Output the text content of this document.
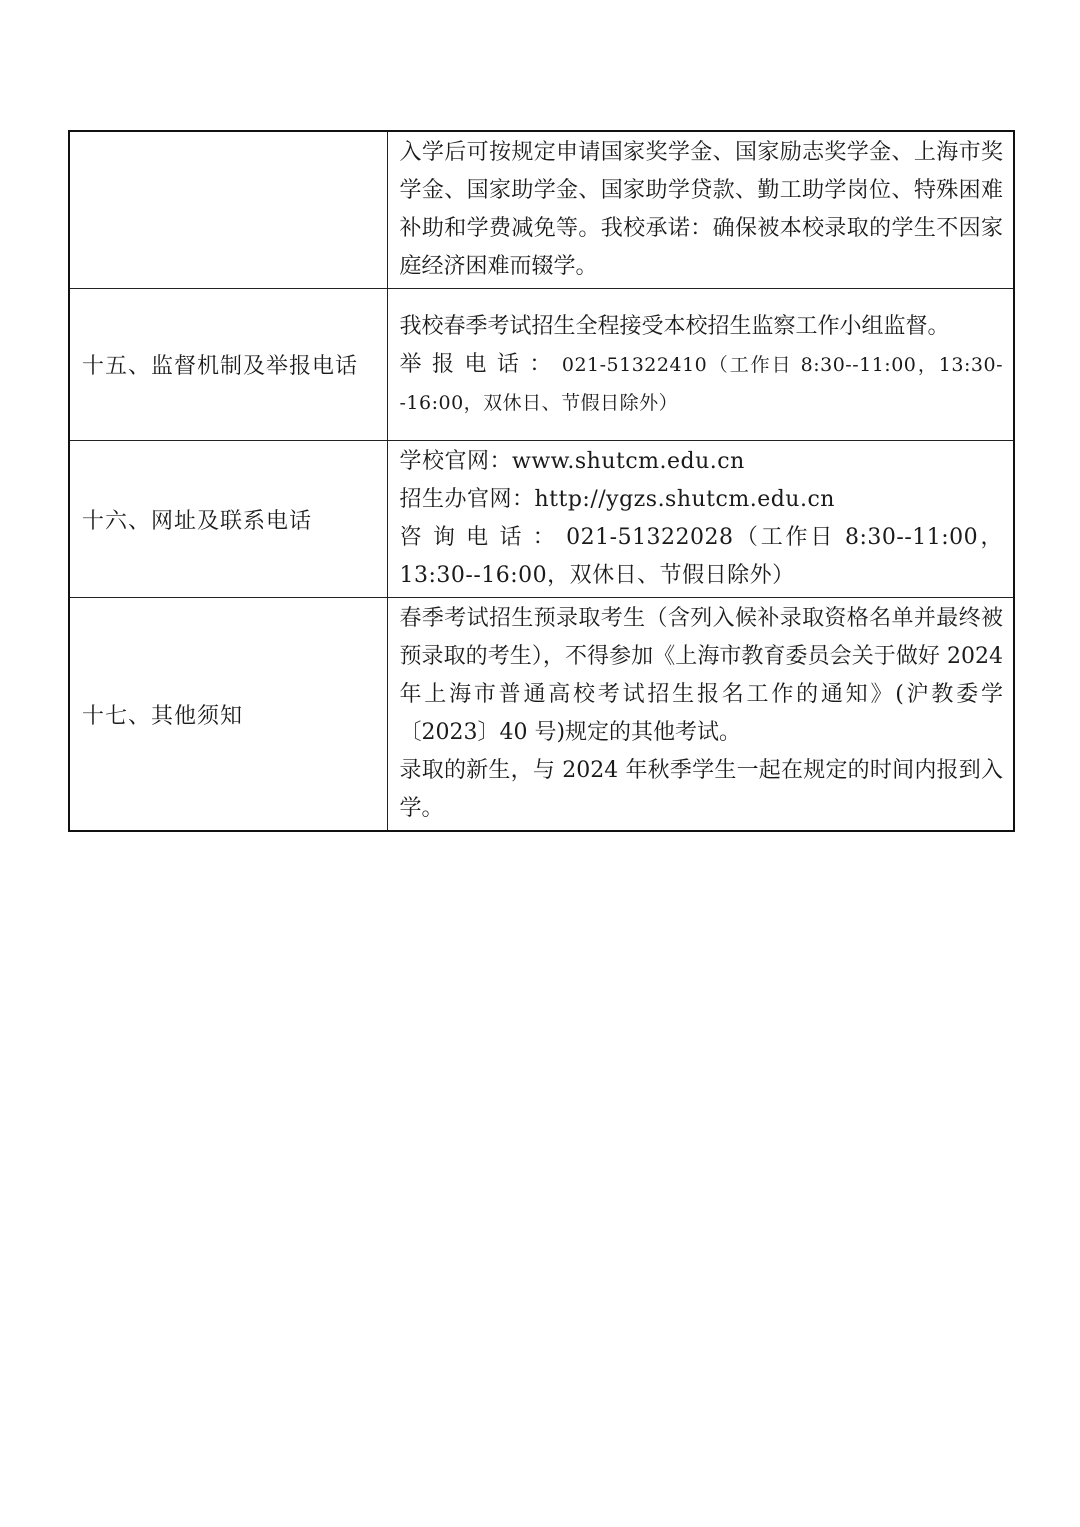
	入学后可按规定申请国家奖学金、国家励志奖学金、上海市奖学金、国家助学金、国家助学贷款、勤工助学岗位、特殊困难补助和学费减免等。我校承诺：确保被本校录取的学生不因家庭经济困难而辍学。

十五、监督机制及举报电话	我校春季考试招生全程接受本校招生监察工作小组监督。

举报电话：021-51322410（工作日 8:30--11:00，13:30--16:00，双休日、节假日除外）

十六、网址及联系电话	学校官网：www.shutcm.edu.cn

招生办官网：http://ygzs.shutcm.edu.cn

咨询电话：021-51322028（工作日 8:30--11:00，13:30--16:00，双休日、节假日除外）

十七、其他须知	春季考试招生预录取考生（含列入候补录取资格名单并最终被预录取的考生），不得参加《上海市教育委员会关于做好 2024 年上海市普通高校考试招生报名工作的通知》(沪教委学〔2023〕40 号)规定的其他考试。

录取的新生，与 2024 年秋季学生一起在规定的时间内报到入学。
